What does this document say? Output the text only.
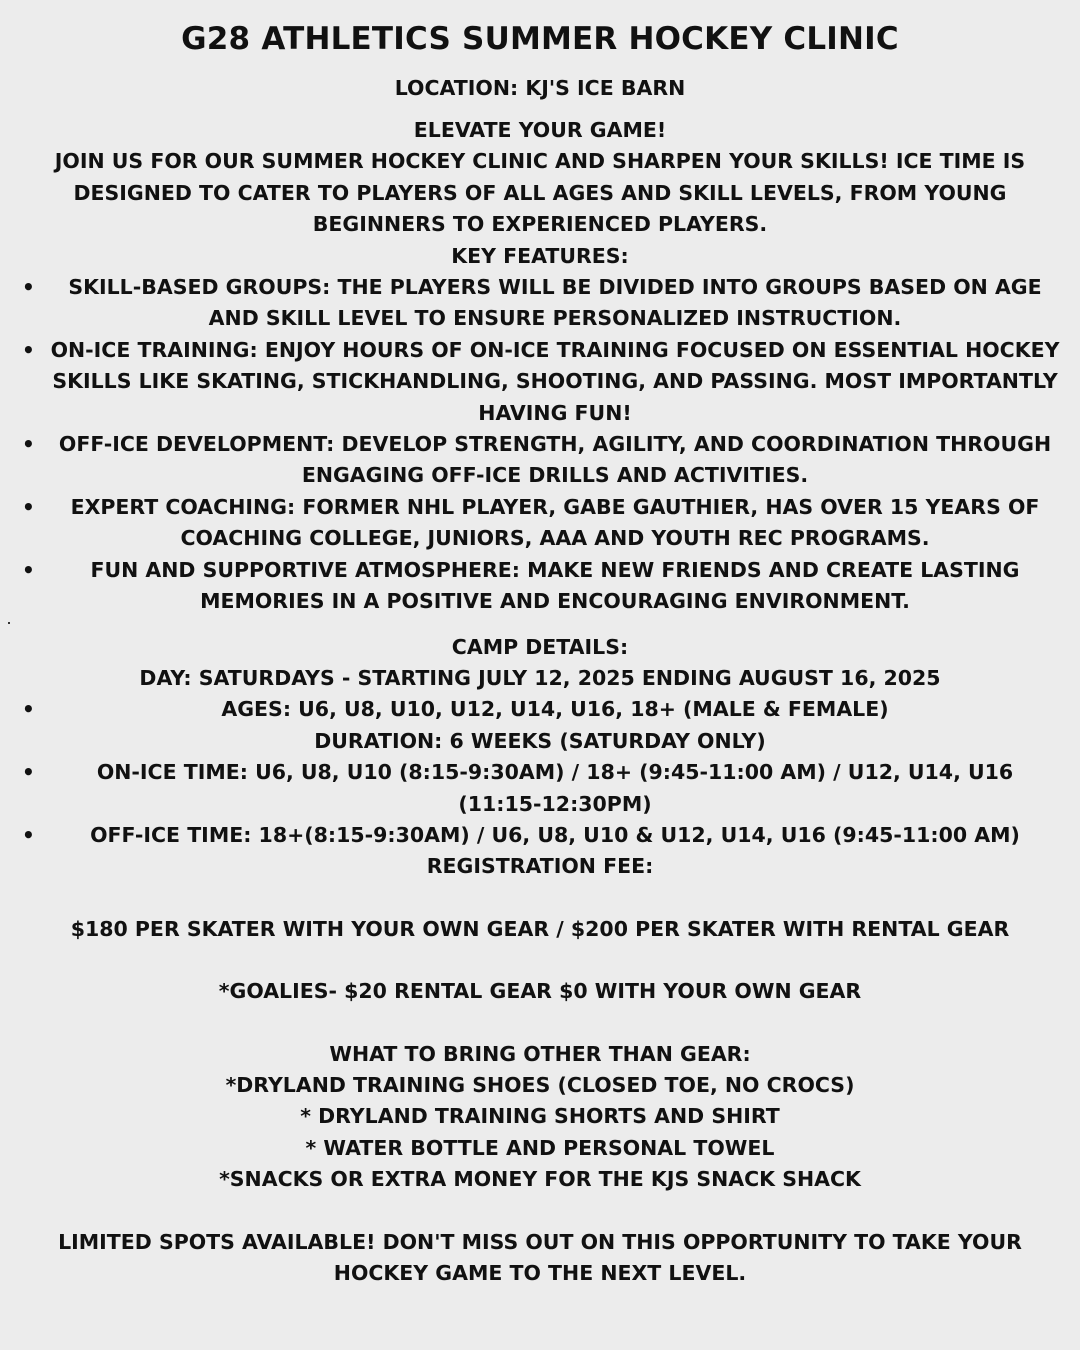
G28 ATHLETICS SUMMER HOCKEY CLINIC

LOCATION: KJ'S ICE BARN

ELEVATE YOUR GAME!

JOIN US FOR OUR SUMMER HOCKEY CLINIC AND SHARPEN YOUR SKILLS! ICE TIME IS DESIGNED TO CATER TO PLAYERS OF ALL AGES AND SKILL LEVELS, FROM YOUNG BEGINNERS TO EXPERIENCED PLAYERS.

KEY FEATURES:

• SKILL-BASED GROUPS: THE PLAYERS WILL BE DIVIDED INTO GROUPS BASED ON AGE AND SKILL LEVEL TO ENSURE PERSONALIZED INSTRUCTION.
• ON-ICE TRAINING: ENJOY HOURS OF ON-ICE TRAINING FOCUSED ON ESSENTIAL HOCKEY SKILLS LIKE SKATING, STICKHANDLING, SHOOTING, AND PASSING. MOST IMPORTANTLY HAVING FUN!
• OFF-ICE DEVELOPMENT: DEVELOP STRENGTH, AGILITY, AND COORDINATION THROUGH ENGAGING OFF-ICE DRILLS AND ACTIVITIES.
• EXPERT COACHING: FORMER NHL PLAYER, GABE GAUTHIER, HAS OVER 15 YEARS OF COACHING COLLEGE, JUNIORS, AAA AND YOUTH REC PROGRAMS.
•	FUN AND SUPPORTIVE ATMOSPHERE: MAKE NEW FRIENDS AND CREATE LASTING MEMORIES IN A POSITIVE AND ENCOURAGING ENVIRONMENT.

CAMP DETAILS:

DAY: SATURDAYS - STARTING JULY 12, 2025 ENDING AUGUST 16, 2025

•	AGES: U6, U8, U10, U12, U14, U16, 18+ (MALE & FEMALE)

DURATION: 6 WEEKS (SATURDAY ONLY)

•	ON-ICE TIME: U6, U8, U10 (8:15-9:30AM) / 18+ (9:45-11:00 AM) / U12, U14, U16 (11:15-12:30PM)
•	OFF-ICE TIME: 18+(8:15-9:30AM) / U6, U8, U10 & U12, U14, U16 (9:45-11:00 AM)

REGISTRATION FEE:

$180 PER SKATER WITH YOUR OWN GEAR / $200 PER SKATER WITH RENTAL GEAR

*GOALIES- $20 RENTAL GEAR $0 WITH YOUR OWN GEAR

WHAT TO BRING OTHER THAN GEAR:

*DRYLAND TRAINING SHOES (CLOSED TOE, NO CROCS)

* DRYLAND TRAINING SHORTS AND SHIRT

* WATER BOTTLE AND PERSONAL TOWEL

*SNACKS OR EXTRA MONEY FOR THE KJS SNACK SHACK

LIMITED SPOTS AVAILABLE! DON'T MISS OUT ON THIS OPPORTUNITY TO TAKE YOUR HOCKEY GAME TO THE NEXT LEVEL.
